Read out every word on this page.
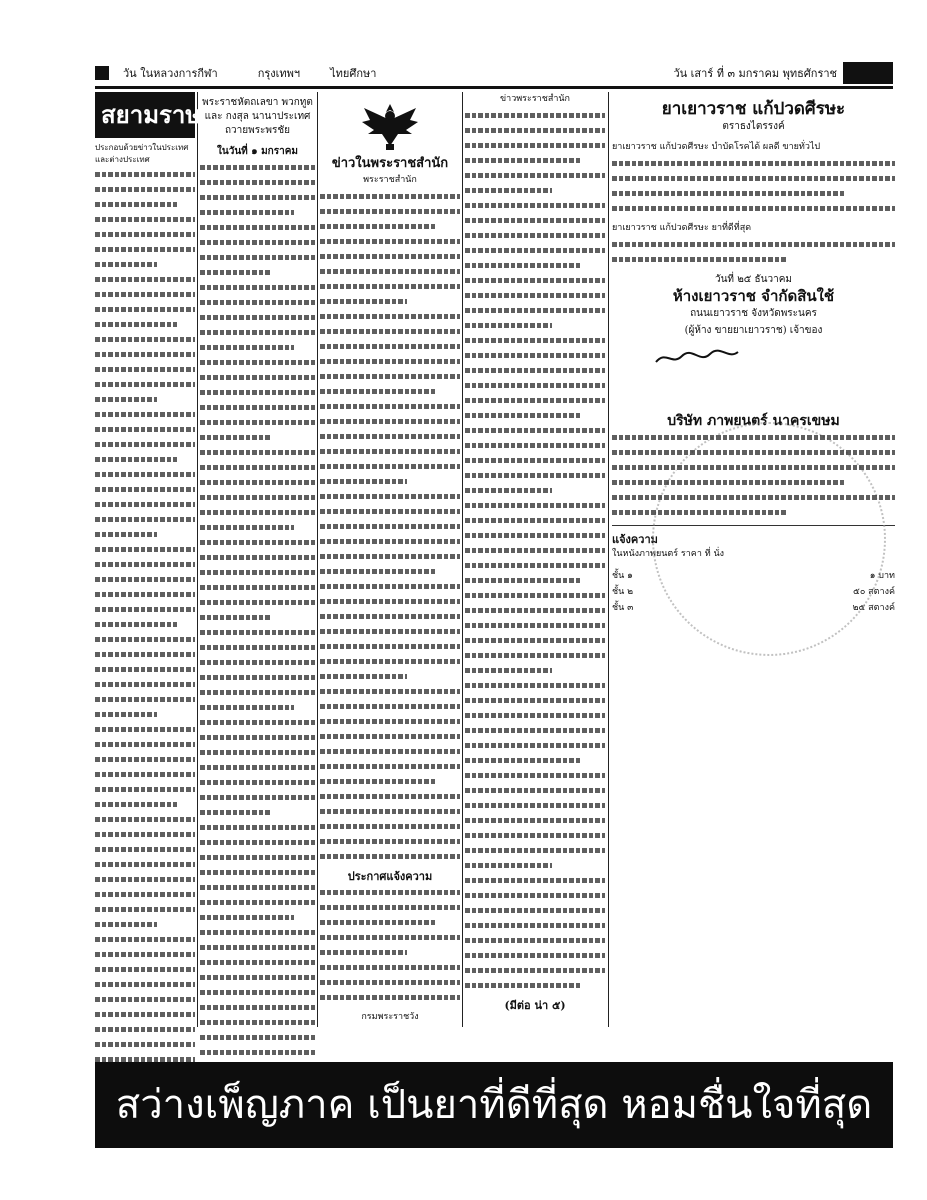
วัน ในหลวงการกีฬา	กรุงเทพฯ	ไทยศึกษา	วัน เสาร์ ที่ ๓ มกราคม พุทธศักราช
สยามราษฎร์
ประกอบด้วยข่าวในประเทศและต่างประเทศ
พระราชหัตถเลขา พวกทูต และ กงสุล นานาประเทศ ถวายพระพรชัย
ในวันที่ ๑ มกราคม
ข่าวในพระราชสำนัก
พระราชสำนัก
ประกาศแจ้งความ
กรมพระราชวัง
ข่าวพระราชสำนัก
(มีต่อ น่า ๕)
ยาเยาวราช แก้ปวดศีรษะ
ตราธงไตรรงค์
ยาเยาวราช แก้ปวดศีรษะ บำบัดโรคได้ ผลดี ขายทั่วไป
ยาเยาวราช แก้ปวดศีรษะ ยาที่ดีที่สุด
วันที่ ๒๕ ธันวาคม
ห้างเยาวราช จำกัดสินใช้
ถนนเยาวราช จังหวัดพระนคร
(ผู้ห้าง ขายยาเยาวราช) เจ้าของ
บริษัท ภาพยนตร์ นาครเขษม
แจ้งความ
ในหนังภาพยนตร์ ราคา ที่ นั่ง
ชั้น ๑	๑ บาท
ชั้น ๒	๕๐ สตางค์
ชั้น ๓	๒๕ สตางค์
สว่างเพ็ญภาค เป็นยาที่ดีที่สุด หอมชื่นใจที่สุด
